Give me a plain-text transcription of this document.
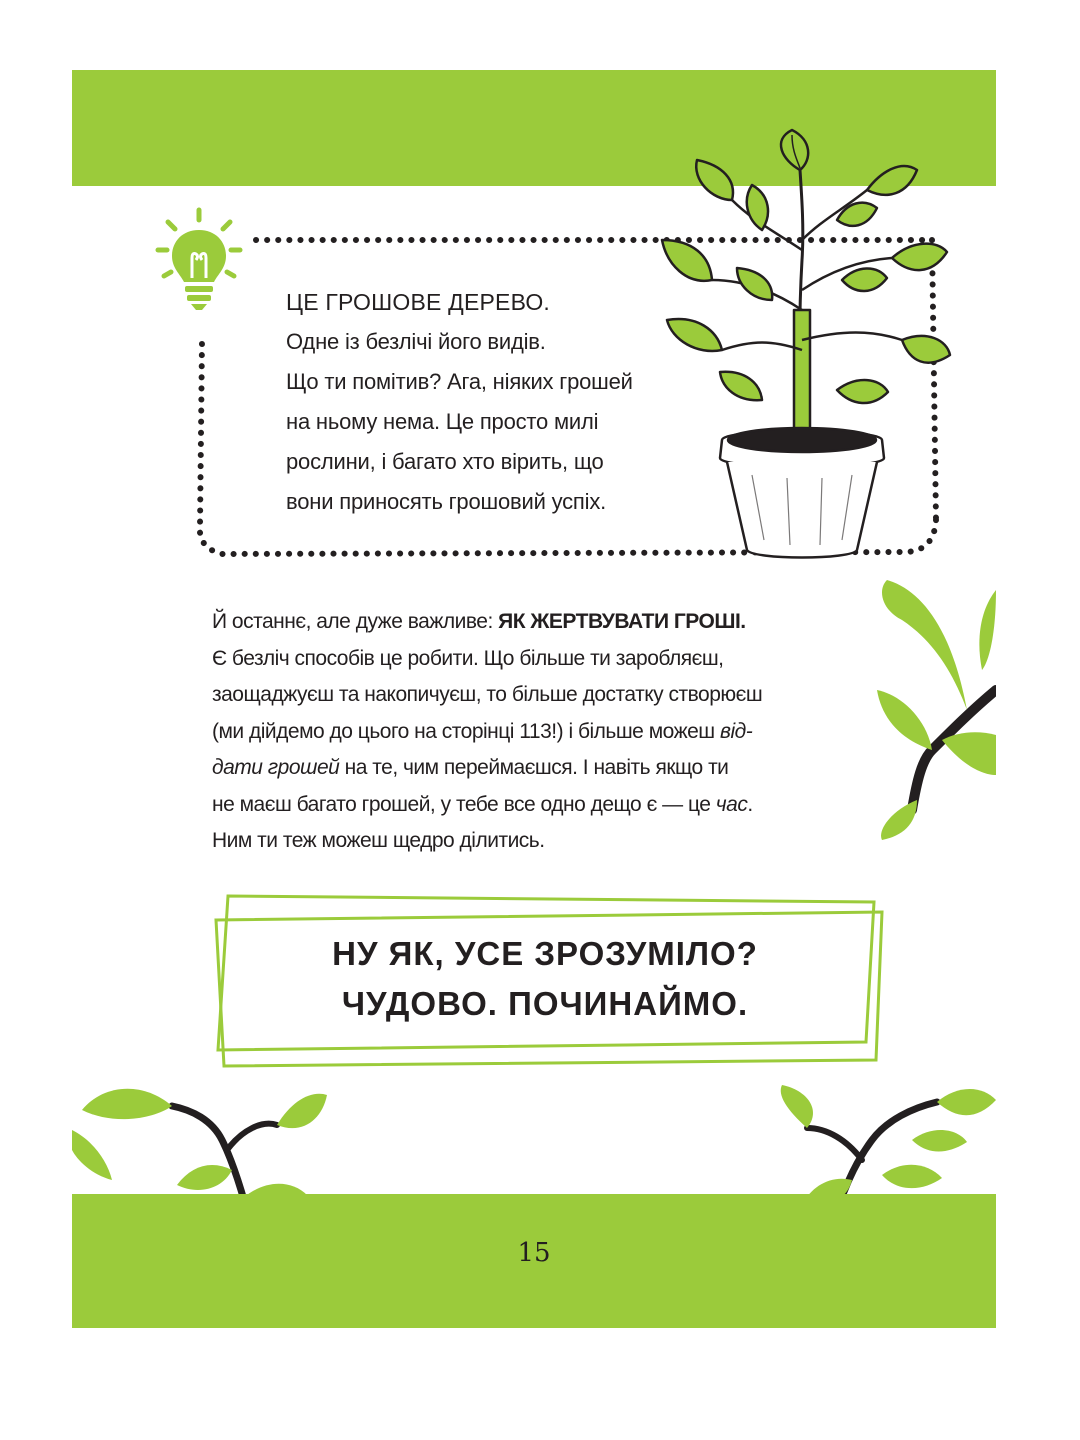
ЦЕ ГРОШОВЕ ДЕРЕВО.
Одне із безлічі його видів.
Що ти помітив? Ага, ніяких грошей
на ньому нема. Це просто милі
рослини, і багато хто вірить, що
вони приносять грошовий успіх.
Й останнє, але дуже важливе: ЯК ЖЕРТВУВАТИ ГРОШІ.
Є безліч способів це робити. Що більше ти заробляєш,
заощаджуєш та накопичуєш, то більше достатку створюєш
(ми дійдемо до цього на сторінці 113!) і більше можеш від-
дати грошей на те, чим переймаєшся. І навіть якщо ти
не маєш багато грошей, у тебе все одно дещо є — це час.
Ним ти теж можеш щедро ділитись.
НУ ЯК, УСЕ ЗРОЗУМІЛО?
ЧУДОВО. ПОЧИНАЙМО.
15
